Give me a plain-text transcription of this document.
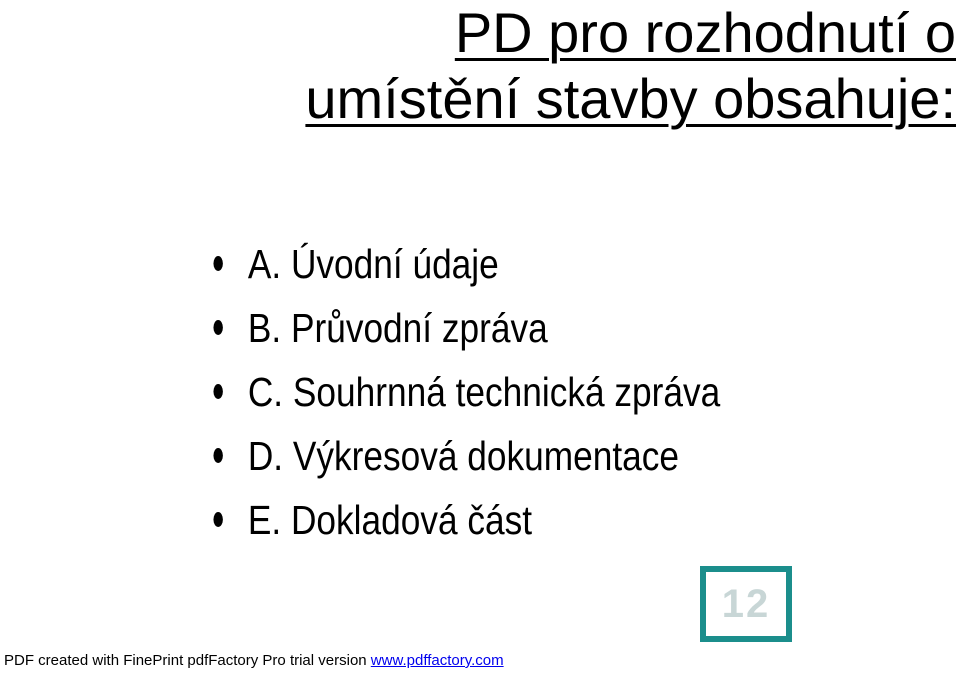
PD pro rozhodnutí o
umístění stavby obsahuje:
A. Úvodní údaje
B. Průvodní zpráva
C. Souhrnná technická zpráva
D. Výkresová dokumentace
E. Dokladová část
12
PDF created with FinePrint pdfFactory Pro trial version www.pdffactory.com
